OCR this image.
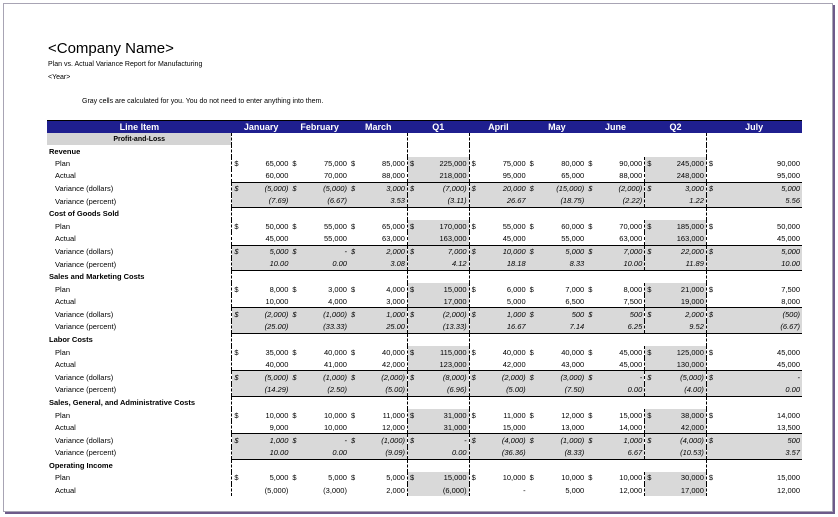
<Company Name>
Plan vs. Actual Variance Report for Manufacturing
<Year>
Gray cells are calculated for you. You do not need to enter anything into them.
Line Item	January		February		March		Q1		April		May		June		Q2		July	
Profit-and-Loss																		
Revenue																		
Plan	$	65,000	$	75,000	$	85,000	$	225,000	$	75,000	$	80,000	$	90,000	$	245,000	$	90,000
Actual		60,000		70,000		88,000		218,000		95,000		65,000		88,000		248,000		95,000
Variance (dollars)	$	(5,000)	$	(5,000)	$	3,000	$	(7,000)	$	20,000	$	(15,000)	$	(2,000)	$	3,000	$	5,000
Variance (percent)		(7.69)		(6.67)		3.53		(3.11)		26.67		(18.75)		(2.22)		1.22		5.56
Cost of Goods Sold																		
Plan	$	50,000	$	55,000	$	65,000	$	170,000	$	55,000	$	60,000	$	70,000	$	185,000	$	50,000
Actual		45,000		55,000		63,000		163,000		45,000		55,000		63,000		163,000		45,000
Variance (dollars)	$	5,000	$	-	$	2,000	$	7,000	$	10,000	$	5,000	$	7,000	$	22,000	$	5,000
Variance (percent)		10.00		0.00		3.08		4.12		18.18		8.33		10.00		11.89		10.00
Sales and Marketing Costs																		
Plan	$	8,000	$	3,000	$	4,000	$	15,000	$	6,000	$	7,000	$	8,000	$	21,000	$	7,500
Actual		10,000		4,000		3,000		17,000		5,000		6,500		7,500		19,000		8,000
Variance (dollars)	$	(2,000)	$	(1,000)	$	1,000	$	(2,000)	$	1,000	$	500	$	500	$	2,000	$	(500)
Variance (percent)		(25.00)		(33.33)		25.00		(13.33)		16.67		7.14		6.25		9.52		(6.67)
Labor Costs																		
Plan	$	35,000	$	40,000	$	40,000	$	115,000	$	40,000	$	40,000	$	45,000	$	125,000	$	45,000
Actual		40,000		41,000		42,000		123,000		42,000		43,000		45,000		130,000		45,000
Variance (dollars)	$	(5,000)	$	(1,000)	$	(2,000)	$	(8,000)	$	(2,000)	$	(3,000)	$	-	$	(5,000)	$	-
Variance (percent)		(14.29)		(2.50)		(5.00)		(6.96)		(5.00)		(7.50)		0.00		(4.00)		0.00
Sales, General, and Administrative Costs																		
Plan	$	10,000	$	10,000	$	11,000	$	31,000	$	11,000	$	12,000	$	15,000	$	38,000	$	14,000
Actual		9,000		10,000		12,000		31,000		15,000		13,000		14,000		42,000		13,500
Variance (dollars)	$	1,000	$	-	$	(1,000)	$	-	$	(4,000)	$	(1,000)	$	1,000	$	(4,000)	$	500
Variance (percent)		10.00		0.00		(9.09)		0.00		(36.36)		(8.33)		6.67		(10.53)		3.57
Operating Income																		
Plan	$	5,000	$	5,000	$	5,000	$	15,000	$	10,000	$	10,000	$	10,000	$	30,000	$	15,000
Actual		(5,000)		(3,000)		2,000		(6,000)		-		5,000		12,000		17,000		12,000
